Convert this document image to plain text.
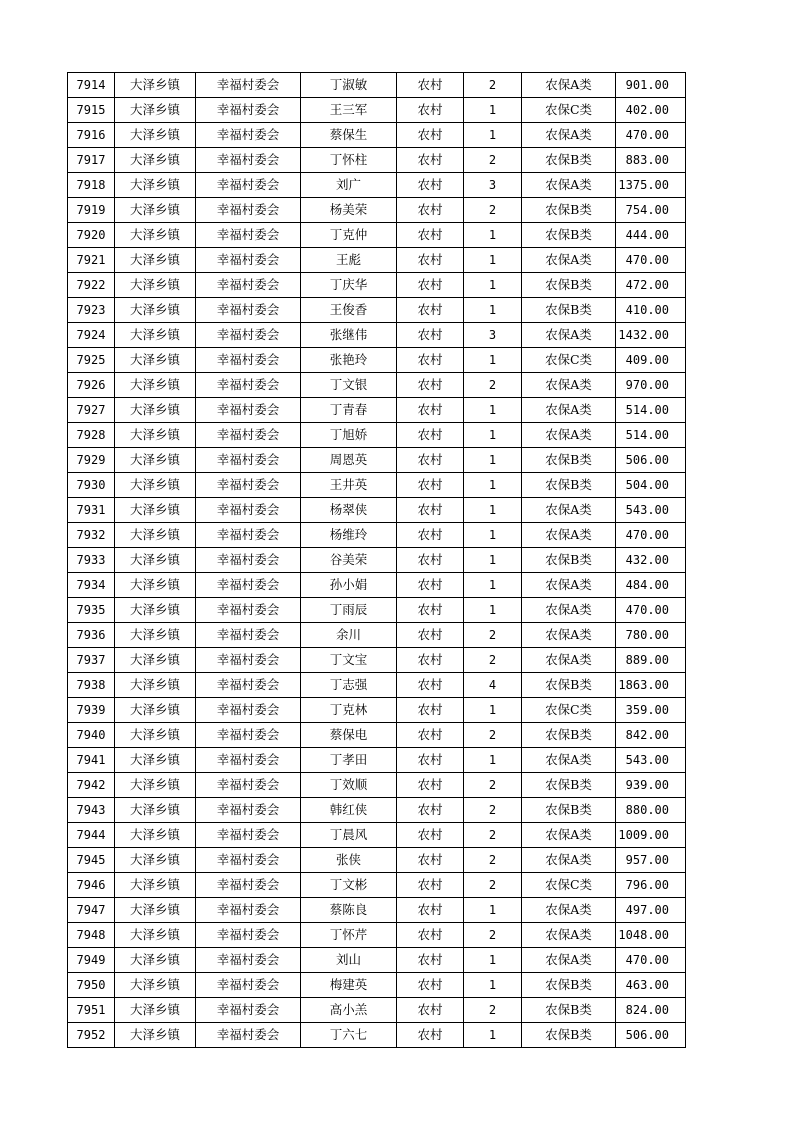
7914	大泽乡镇	幸福村委会	丁淑敏	农村	2	农保A类	901.00
7915	大泽乡镇	幸福村委会	王三军	农村	1	农保C类	402.00
7916	大泽乡镇	幸福村委会	蔡保生	农村	1	农保A类	470.00
7917	大泽乡镇	幸福村委会	丁怀柱	农村	2	农保B类	883.00
7918	大泽乡镇	幸福村委会	刘广	农村	3	农保A类	1375.00
7919	大泽乡镇	幸福村委会	杨美荣	农村	2	农保B类	754.00
7920	大泽乡镇	幸福村委会	丁克仲	农村	1	农保B类	444.00
7921	大泽乡镇	幸福村委会	王彪	农村	1	农保A类	470.00
7922	大泽乡镇	幸福村委会	丁庆华	农村	1	农保B类	472.00
7923	大泽乡镇	幸福村委会	王俊香	农村	1	农保B类	410.00
7924	大泽乡镇	幸福村委会	张继伟	农村	3	农保A类	1432.00
7925	大泽乡镇	幸福村委会	张艳玲	农村	1	农保C类	409.00
7926	大泽乡镇	幸福村委会	丁文银	农村	2	农保A类	970.00
7927	大泽乡镇	幸福村委会	丁青春	农村	1	农保A类	514.00
7928	大泽乡镇	幸福村委会	丁旭娇	农村	1	农保A类	514.00
7929	大泽乡镇	幸福村委会	周恩英	农村	1	农保B类	506.00
7930	大泽乡镇	幸福村委会	王井英	农村	1	农保B类	504.00
7931	大泽乡镇	幸福村委会	杨翠侠	农村	1	农保A类	543.00
7932	大泽乡镇	幸福村委会	杨维玲	农村	1	农保A类	470.00
7933	大泽乡镇	幸福村委会	谷美荣	农村	1	农保B类	432.00
7934	大泽乡镇	幸福村委会	孙小娟	农村	1	农保A类	484.00
7935	大泽乡镇	幸福村委会	丁雨辰	农村	1	农保A类	470.00
7936	大泽乡镇	幸福村委会	余川	农村	2	农保A类	780.00
7937	大泽乡镇	幸福村委会	丁文宝	农村	2	农保A类	889.00
7938	大泽乡镇	幸福村委会	丁志强	农村	4	农保B类	1863.00
7939	大泽乡镇	幸福村委会	丁克林	农村	1	农保C类	359.00
7940	大泽乡镇	幸福村委会	蔡保电	农村	2	农保B类	842.00
7941	大泽乡镇	幸福村委会	丁孝田	农村	1	农保A类	543.00
7942	大泽乡镇	幸福村委会	丁效顺	农村	2	农保B类	939.00
7943	大泽乡镇	幸福村委会	韩红侠	农村	2	农保B类	880.00
7944	大泽乡镇	幸福村委会	丁晨风	农村	2	农保A类	1009.00
7945	大泽乡镇	幸福村委会	张侠	农村	2	农保A类	957.00
7946	大泽乡镇	幸福村委会	丁文彬	农村	2	农保C类	796.00
7947	大泽乡镇	幸福村委会	蔡陈良	农村	1	农保A类	497.00
7948	大泽乡镇	幸福村委会	丁怀芹	农村	2	农保A类	1048.00
7949	大泽乡镇	幸福村委会	刘山	农村	1	农保A类	470.00
7950	大泽乡镇	幸福村委会	梅建英	农村	1	农保B类	463.00
7951	大泽乡镇	幸福村委会	高小羔	农村	2	农保B类	824.00
7952	大泽乡镇	幸福村委会	丁六七	农村	1	农保B类	506.00
